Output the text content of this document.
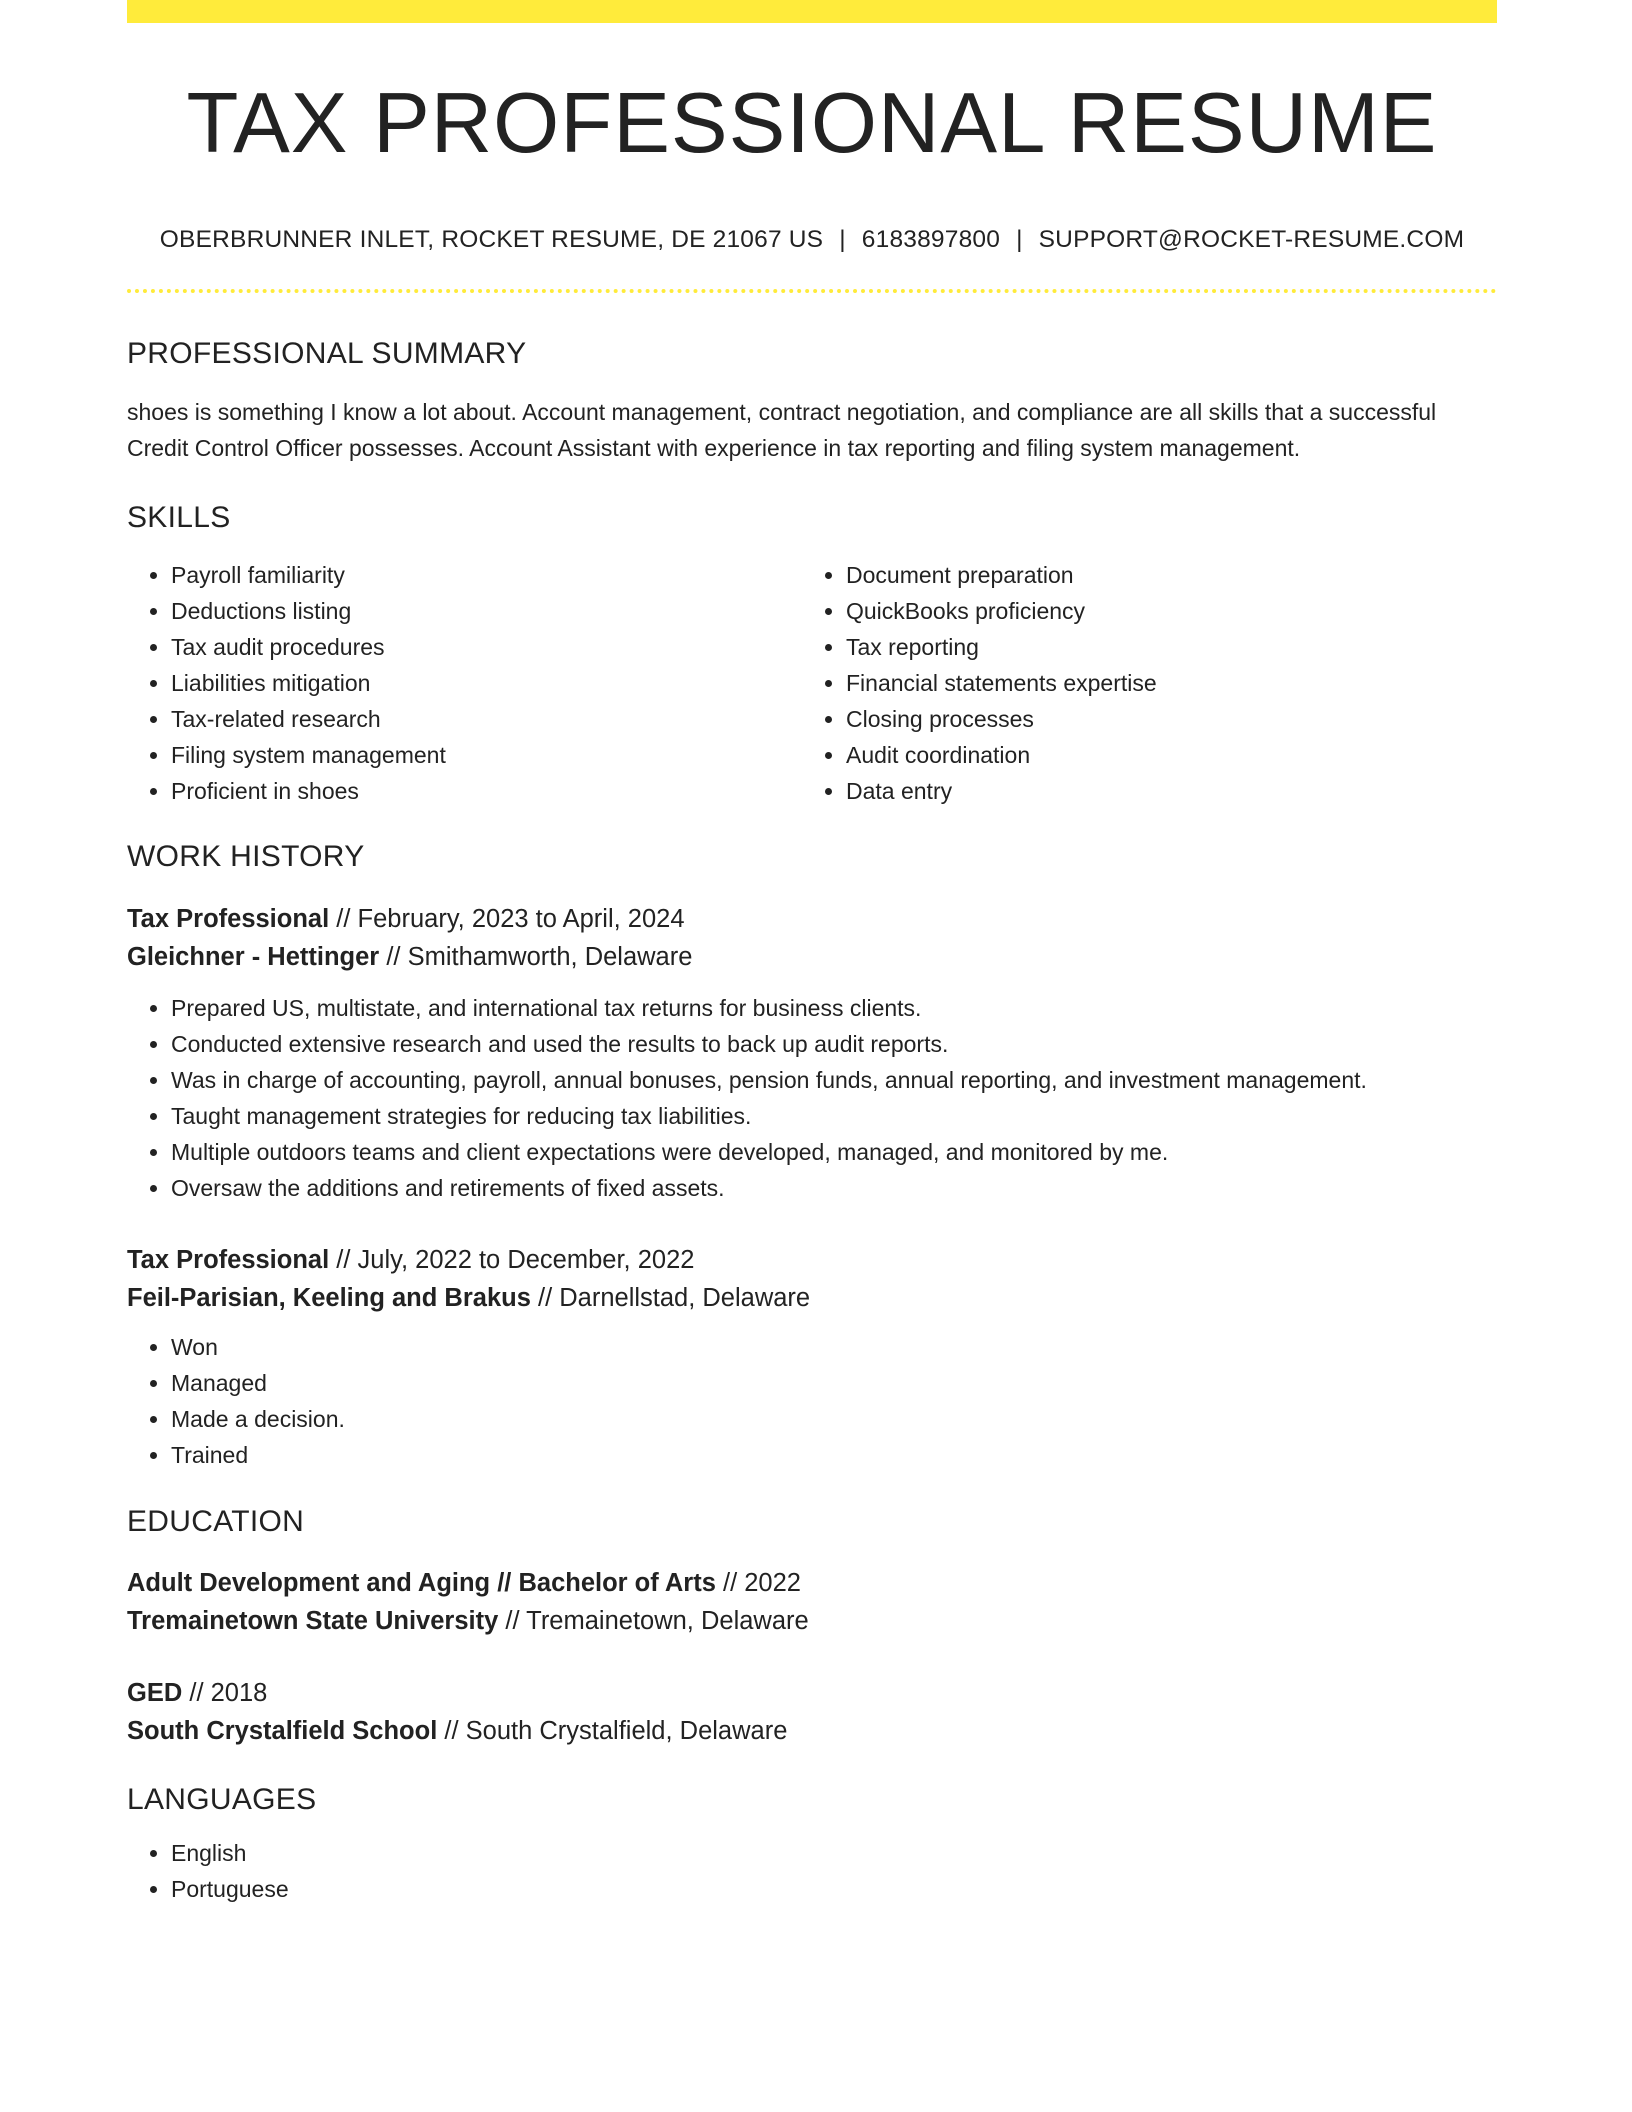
TAX PROFESSIONAL RESUME
OBERBRUNNER INLET, ROCKET RESUME, DE 21067 US | 6183897800 | SUPPORT@ROCKET-RESUME.COM
PROFESSIONAL SUMMARY
shoes is something I know a lot about. Account management, contract negotiation, and compliance are all skills that a successful Credit Control Officer possesses. Account Assistant with experience in tax reporting and filing system management.
SKILLS
• Payroll familiarity
• Deductions listing
• Tax audit procedures
• Liabilities mitigation
• Tax-related research
• Filing system management
• Proficient in shoes
• Document preparation
• QuickBooks proficiency
• Tax reporting
• Financial statements expertise
• Closing processes
• Audit coordination
• Data entry
WORK HISTORY
Tax Professional // February, 2023 to April, 2024
Gleichner - Hettinger // Smithamworth, Delaware
• Prepared US, multistate, and international tax returns for business clients.
• Conducted extensive research and used the results to back up audit reports.
• Was in charge of accounting, payroll, annual bonuses, pension funds, annual reporting, and investment management.
• Taught management strategies for reducing tax liabilities.
• Multiple outdoors teams and client expectations were developed, managed, and monitored by me.
• Oversaw the additions and retirements of fixed assets.
Tax Professional // July, 2022 to December, 2022
Feil-Parisian, Keeling and Brakus // Darnellstad, Delaware
• Won
• Managed
• Made a decision.
• Trained
EDUCATION
Adult Development and Aging // Bachelor of Arts // 2022
Tremainetown State University // Tremainetown, Delaware
GED // 2018
South Crystalfield School // South Crystalfield, Delaware
LANGUAGES
• English
• Portuguese
